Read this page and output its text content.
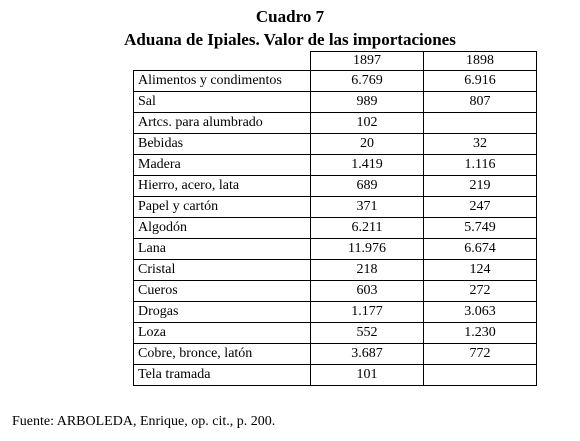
Cuadro 7
Aduana de Ipiales. Valor de las importaciones
	1897	1898
Alimentos y condimentos	6.769	6.916
Sal	989	807
Artcs. para alumbrado	102	
Bebidas	20	32
Madera	1.419	1.116
Hierro, acero, lata	689	219
Papel y cartón	371	247
Algodón	6.211	5.749
Lana	11.976	6.674
Cristal	218	124
Cueros	603	272
Drogas	1.177	3.063
Loza	552	1.230
Cobre, bronce, latón	3.687	772
Tela tramada	101	
Fuente: ARBOLEDA, Enrique, op. cit., p. 200.
